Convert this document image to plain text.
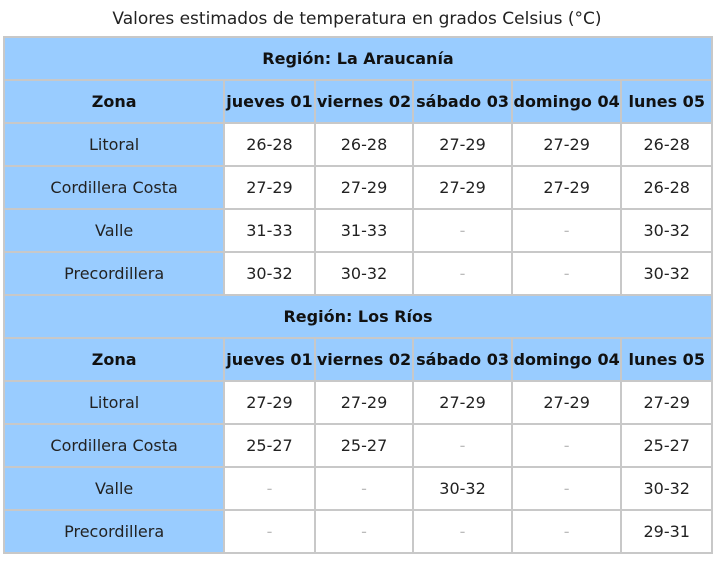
Valores estimados de temperatura en grados Celsius (°C)
Región: La Araucanía					
Zona	jueves 01	viernes 02	sábado 03	domingo 04	lunes 05
Litoral	26-28	26-28	27-29	27-29	26-28
Cordillera Costa	27-29	27-29	27-29	27-29	26-28
Valle	31-33	31-33	-	-	30-32
Precordillera	30-32	30-32	-	-	30-32
Región: Los Ríos					
Zona	jueves 01	viernes 02	sábado 03	domingo 04	lunes 05
Litoral	27-29	27-29	27-29	27-29	27-29
Cordillera Costa	25-27	25-27	-	-	25-27
Valle	-	-	30-32	-	30-32
Precordillera	-	-	-	-	29-31
